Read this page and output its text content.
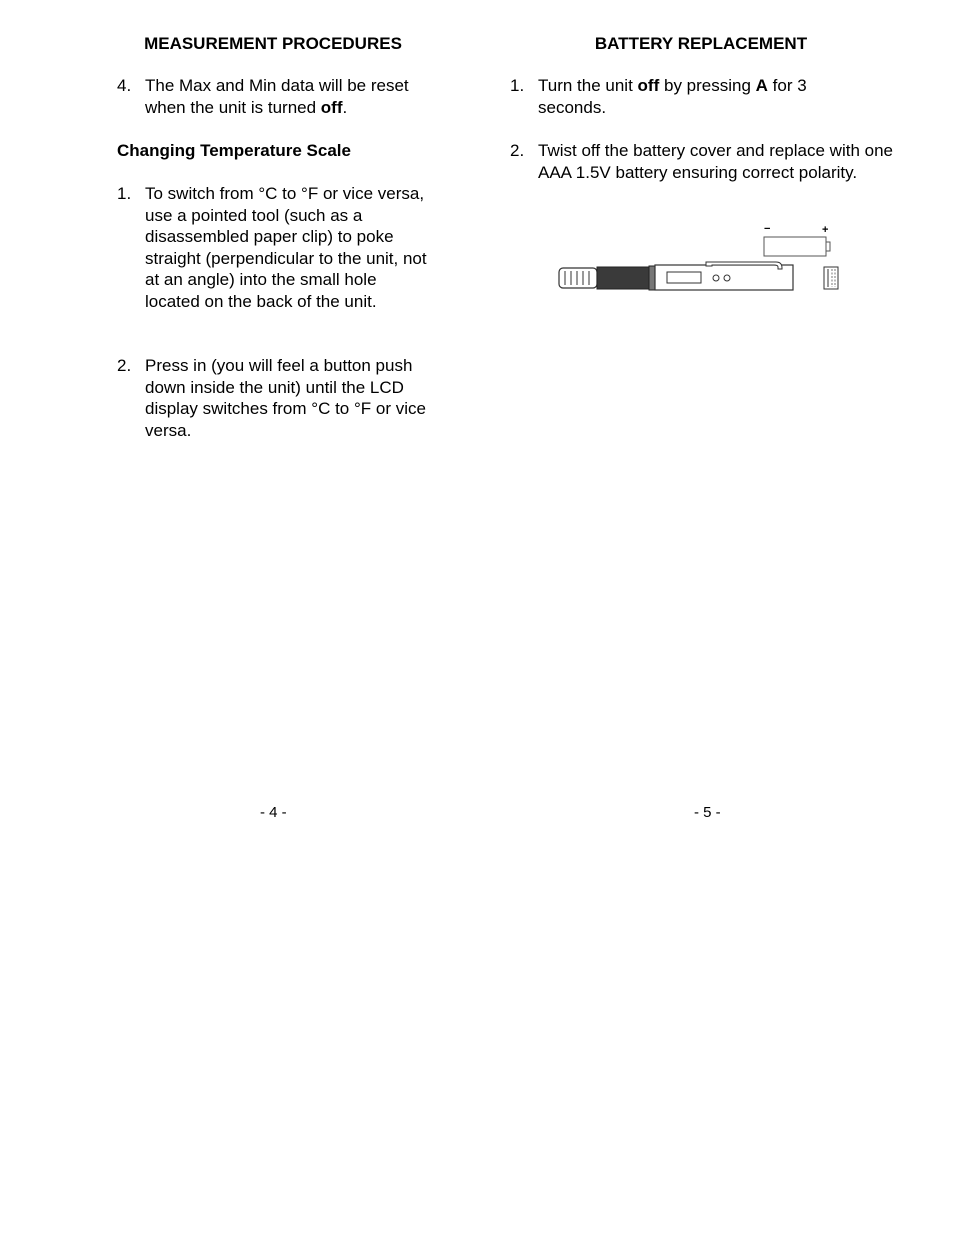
MEASUREMENT PROCEDURES
4. The Max and Min data will be reset when the unit is turned off.
Changing Temperature Scale
1. To switch from °C to °F or vice versa, use a pointed tool (such as a disassembled paper clip) to poke straight (perpendicular to the unit, not at an angle) into the small hole located on the back of the unit.
2. Press in (you will feel a button push down inside the unit) until the LCD display switches from °C to °F or vice versa.
- 4 -
BATTERY REPLACEMENT
1. Turn the unit off by pressing A for 3     seconds.
2. Twist off the battery cover and replace with one AAA 1.5V battery ensuring correct polarity.
−	+
- 5 -
